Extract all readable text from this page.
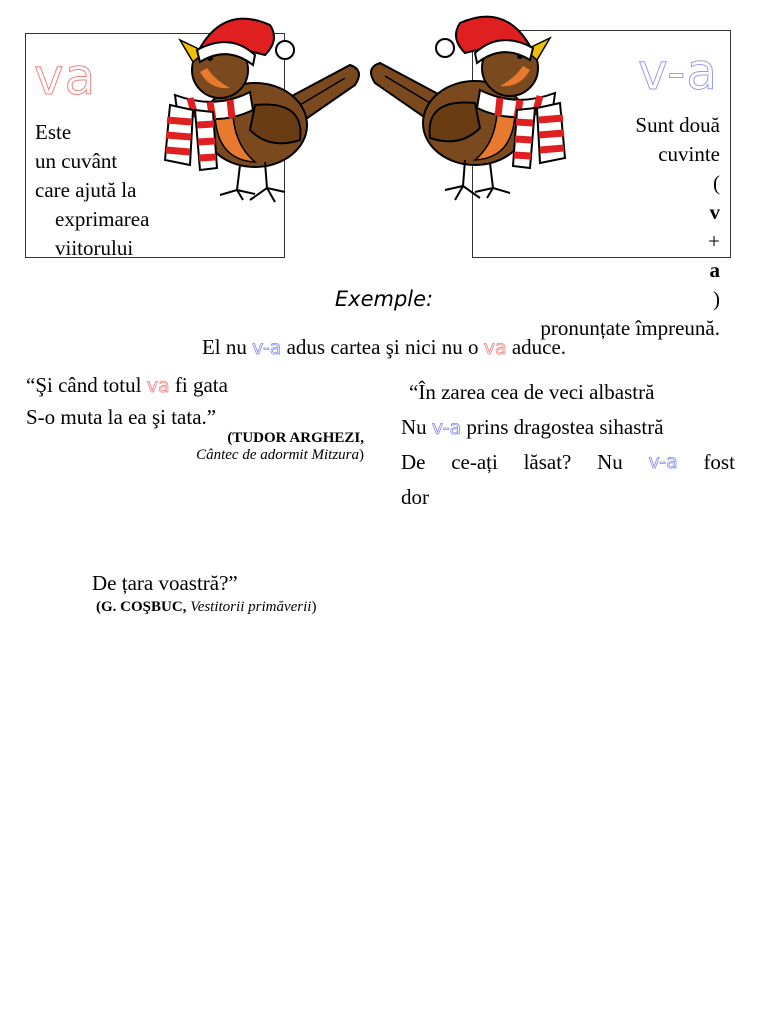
va
Este
un cuvânt
care ajută la
exprimarea
viitorului
v-a
Sunt două
cuvinte
(
v
+
a
)
pronunțate împreună.
Exemple:
El nu v-a adus cartea şi nici nu o va aduce.
“Şi când totul va fi gata
S-o muta la ea şi tata.”
(TUDOR ARGHEZI,
Cântec de adormit Mitzura)
“În zarea cea de veci albastră
Nu v-a prins dragostea sihastră
De ce-ați lăsat? Nu v-a fost
dor
De țara voastră?”
(G. COŞBUC, Vestitorii primăverii)
